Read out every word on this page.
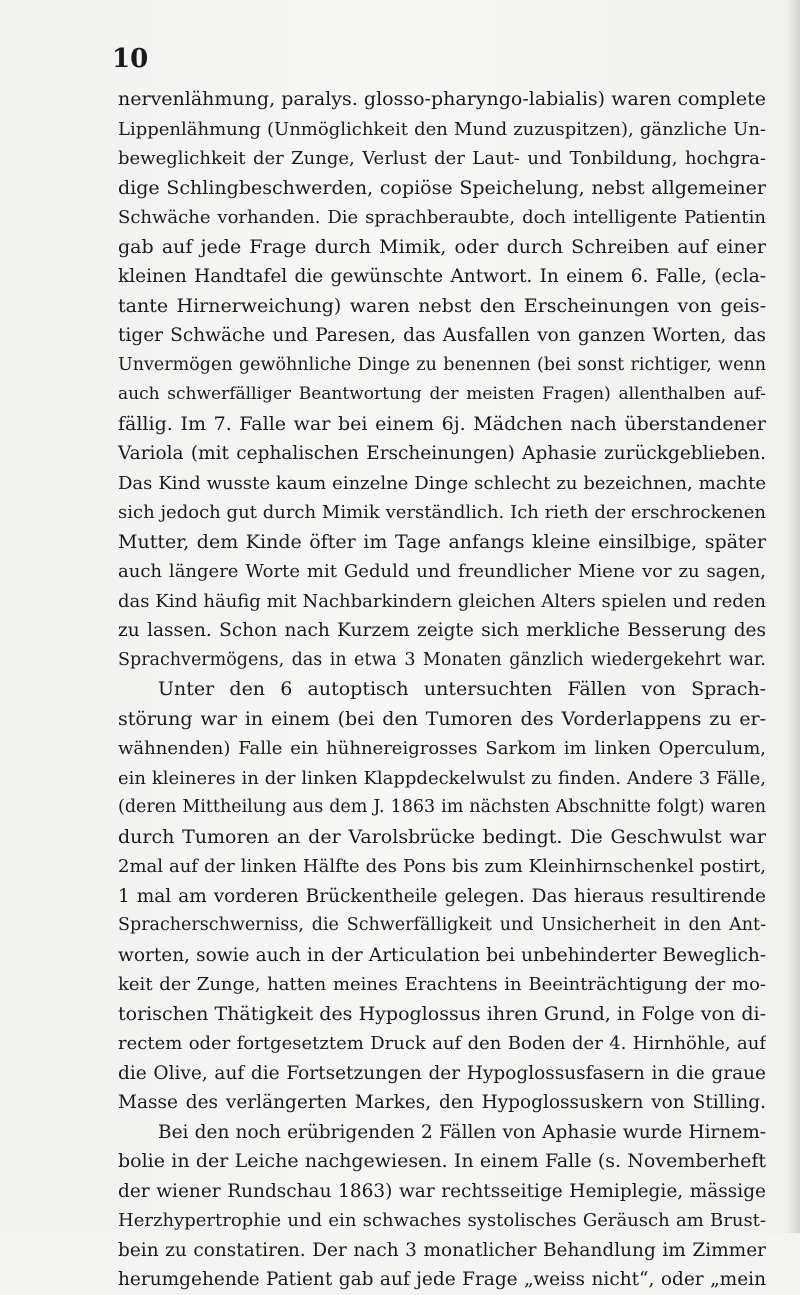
10
nervenlähmung, paralys. glosso-pharyngo-labialis) waren complete
Lippenlähmung (Unmöglichkeit den Mund zuzuspitzen), gänzliche Un-
beweglichkeit der Zunge, Verlust der Laut- und Tonbildung, hochgra-
dige Schlingbeschwerden, copiöse Speichelung, nebst allgemeiner
Schwäche vorhanden. Die sprachberaubte, doch intelligente Patientin
gab auf jede Frage durch Mimik, oder durch Schreiben auf einer
kleinen Handtafel die gewünschte Antwort. In einem 6. Falle, (ecla-
tante Hirnerweichung) waren nebst den Erscheinungen von geis-
tiger Schwäche und Paresen, das Ausfallen von ganzen Worten, das
Unvermögen gewöhnliche Dinge zu benennen (bei sonst richtiger, wenn
auch schwerfälliger Beantwortung der meisten Fragen) allenthalben auf-
fällig. Im 7. Falle war bei einem 6j. Mädchen nach überstandener
Variola (mit cephalischen Erscheinungen) Aphasie zurückgeblieben.
Das Kind wusste kaum einzelne Dinge schlecht zu bezeichnen, machte
sich jedoch gut durch Mimik verständlich. Ich rieth der erschrockenen
Mutter, dem Kinde öfter im Tage anfangs kleine einsilbige, später
auch längere Worte mit Geduld und freundlicher Miene vor zu sagen,
das Kind häufig mit Nachbarkindern gleichen Alters spielen und reden
zu lassen. Schon nach Kurzem zeigte sich merkliche Besserung des
Sprachvermögens, das in etwa 3 Monaten gänzlich wiedergekehrt war.
Unter den 6 autoptisch untersuchten Fällen von Sprach-
störung war in einem (bei den Tumoren des Vorderlappens zu er-
wähnenden) Falle ein hühnereigrosses Sarkom im linken Operculum,
ein kleineres in der linken Klappdeckelwulst zu finden. Andere 3 Fälle,
(deren Mittheilung aus dem J. 1863 im nächsten Abschnitte folgt) waren
durch Tumoren an der Varolsbrücke bedingt. Die Geschwulst war
2mal auf der linken Hälfte des Pons bis zum Kleinhirnschenkel postirt,
1 mal am vorderen Brückentheile gelegen. Das hieraus resultirende
Spracherschwerniss, die Schwerfälligkeit und Unsicherheit in den Ant-
worten, sowie auch in der Articulation bei unbehinderter Beweglich-
keit der Zunge, hatten meines Erachtens in Beeinträchtigung der mo-
torischen Thätigkeit des Hypoglossus ihren Grund, in Folge von di-
rectem oder fortgesetztem Druck auf den Boden der 4. Hirnhöhle, auf
die Olive, auf die Fortsetzungen der Hypoglossusfasern in die graue
Masse des verlängerten Markes, den Hypoglossuskern von Stilling.
Bei den noch erübrigenden 2 Fällen von Aphasie wurde Hirnem-
bolie in der Leiche nachgewiesen. In einem Falle (s. Novemberheft
der wiener Rundschau 1863) war rechtsseitige Hemiplegie, mässige
Herzhypertrophie und ein schwaches systolisches Geräusch am Brust-
bein zu constatiren. Der nach 3 monatlicher Behandlung im Zimmer
herumgehende Patient gab auf jede Frage „weiss nicht“, oder „mein
